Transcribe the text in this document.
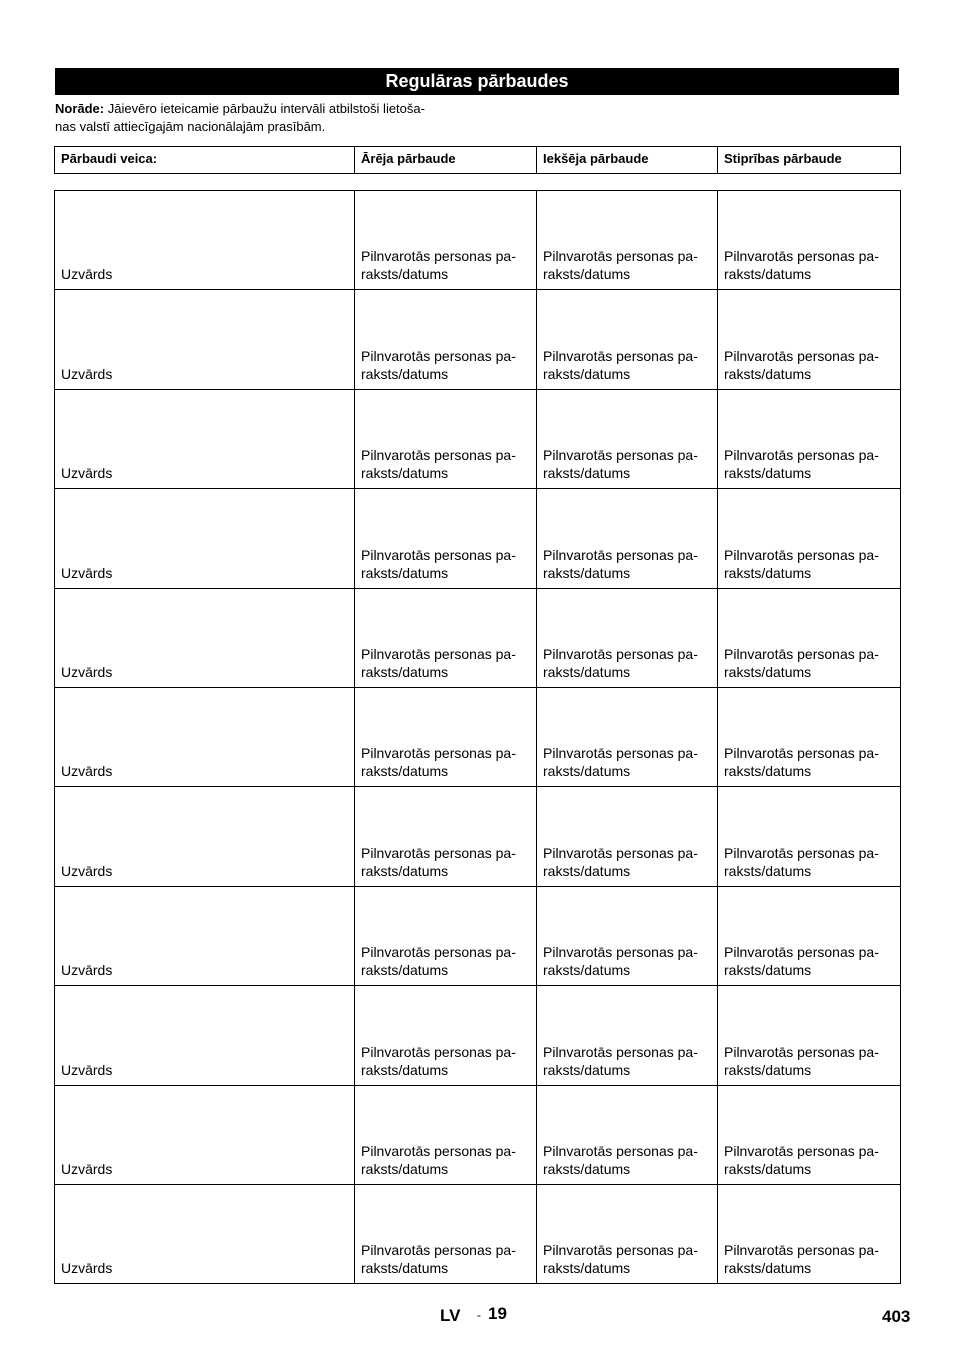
Regulāras pārbaudes
Norāde: Jāievēro ieteicamie pārbaužu intervāli atbilstoši lietoša-
nas valstī attiecīgajām nacionālajām prasībām.
Pārbaudi veica:	Ārēja pārbaude	Iekšēja pārbaude	Stiprības pārbaude
Uzvārds	Pilnvarotās personas pa-
raksts/datums	Pilnvarotās personas pa-
raksts/datums	Pilnvarotās personas pa-
raksts/datums
Uzvārds	Pilnvarotās personas pa-
raksts/datums	Pilnvarotās personas pa-
raksts/datums	Pilnvarotās personas pa-
raksts/datums
Uzvārds	Pilnvarotās personas pa-
raksts/datums	Pilnvarotās personas pa-
raksts/datums	Pilnvarotās personas pa-
raksts/datums
Uzvārds	Pilnvarotās personas pa-
raksts/datums	Pilnvarotās personas pa-
raksts/datums	Pilnvarotās personas pa-
raksts/datums
Uzvārds	Pilnvarotās personas pa-
raksts/datums	Pilnvarotās personas pa-
raksts/datums	Pilnvarotās personas pa-
raksts/datums
Uzvārds	Pilnvarotās personas pa-
raksts/datums	Pilnvarotās personas pa-
raksts/datums	Pilnvarotās personas pa-
raksts/datums
Uzvārds	Pilnvarotās personas pa-
raksts/datums	Pilnvarotās personas pa-
raksts/datums	Pilnvarotās personas pa-
raksts/datums
Uzvārds	Pilnvarotās personas pa-
raksts/datums	Pilnvarotās personas pa-
raksts/datums	Pilnvarotās personas pa-
raksts/datums
Uzvārds	Pilnvarotās personas pa-
raksts/datums	Pilnvarotās personas pa-
raksts/datums	Pilnvarotās personas pa-
raksts/datums
Uzvārds	Pilnvarotās personas pa-
raksts/datums	Pilnvarotās personas pa-
raksts/datums	Pilnvarotās personas pa-
raksts/datums
Uzvārds	Pilnvarotās personas pa-
raksts/datums	Pilnvarotās personas pa-
raksts/datums	Pilnvarotās personas pa-
raksts/datums
LV - 19	403
